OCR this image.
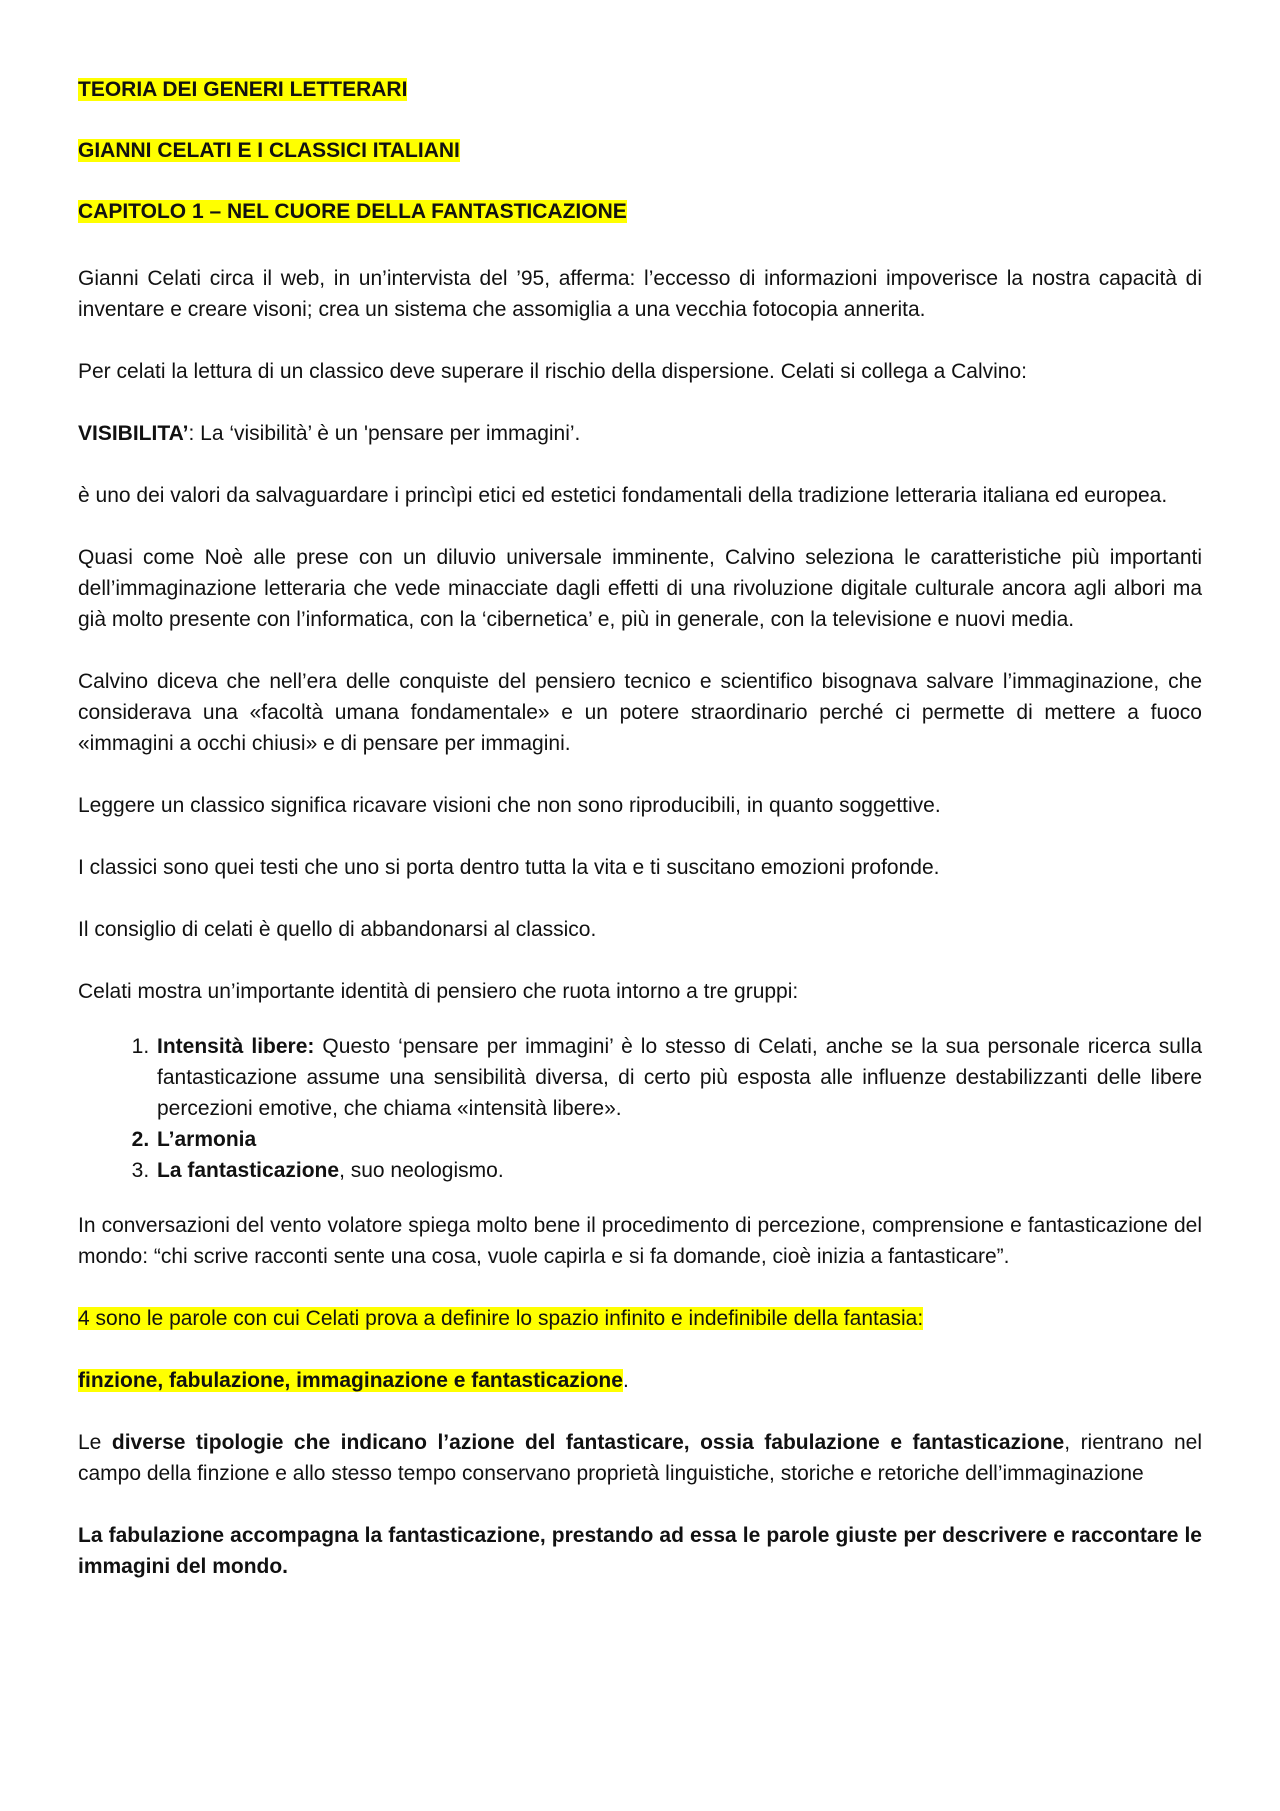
TEORIA DEI GENERI LETTERARI

GIANNI CELATI E I CLASSICI ITALIANI

CAPITOLO 1 – NEL CUORE DELLA FANTASTICAZIONE

Gianni Celati circa il web, in un’intervista del ’95, afferma: l’eccesso di informazioni impoverisce la nostra capacità di inventare e creare visoni; crea un sistema che assomiglia a una vecchia fotocopia annerita.

Per celati la lettura di un classico deve superare il rischio della dispersione. Celati si collega a Calvino:

VISIBILITA’: La ‘visibilità’ è un 'pensare per immagini’.

è uno dei valori da salvaguardare i princìpi etici ed estetici fondamentali della tradizione letteraria italiana ed europea.

Quasi come Noè alle prese con un diluvio universale imminente, Calvino seleziona le caratteristiche più importanti dell’immaginazione letteraria che vede minacciate dagli effetti di una rivoluzione digitale culturale ancora agli albori ma già molto presente con l’informatica, con la ‘cibernetica’ e, più in generale, con la televisione e nuovi media.

Calvino diceva che nell’era delle conquiste del pensiero tecnico e scientifico bisognava salvare l’immaginazione, che considerava una «facoltà umana fondamentale» e un potere straordinario perché ci permette di mettere a fuoco «immagini a occhi chiusi» e di pensare per immagini.

Leggere un classico significa ricavare visioni che non sono riproducibili, in quanto soggettive.

I classici sono quei testi che uno si porta dentro tutta la vita e ti suscitano emozioni profonde.

Il consiglio di celati è quello di abbandonarsi al classico.

Celati mostra un’importante identità di pensiero che ruota intorno a tre gruppi:

1. Intensità libere: Questo ‘pensare per immagini’ è lo stesso di Celati, anche se la sua personale ricerca sulla fantasticazione assume una sensibilità diversa, di certo più esposta alle influenze destabilizzanti delle libere percezioni emotive, che chiama «intensità libere».
2. L’armonia
3. La fantasticazione, suo neologismo.

In conversazioni del vento volatore spiega molto bene il procedimento di percezione, comprensione e fantasticazione del mondo: “chi scrive racconti sente una cosa, vuole capirla e si fa domande, cioè inizia a fantasticare”.

4 sono le parole con cui Celati prova a definire lo spazio infinito e indefinibile della fantasia:

finzione, fabulazione, immaginazione e fantasticazione.

Le diverse tipologie che indicano l’azione del fantasticare, ossia fabulazione e fantasticazione, rientrano nel campo della finzione e allo stesso tempo conservano proprietà linguistiche, storiche e retoriche dell’immaginazione

La fabulazione accompagna la fantasticazione, prestando ad essa le parole giuste per descrivere e raccontare le immagini del mondo.
